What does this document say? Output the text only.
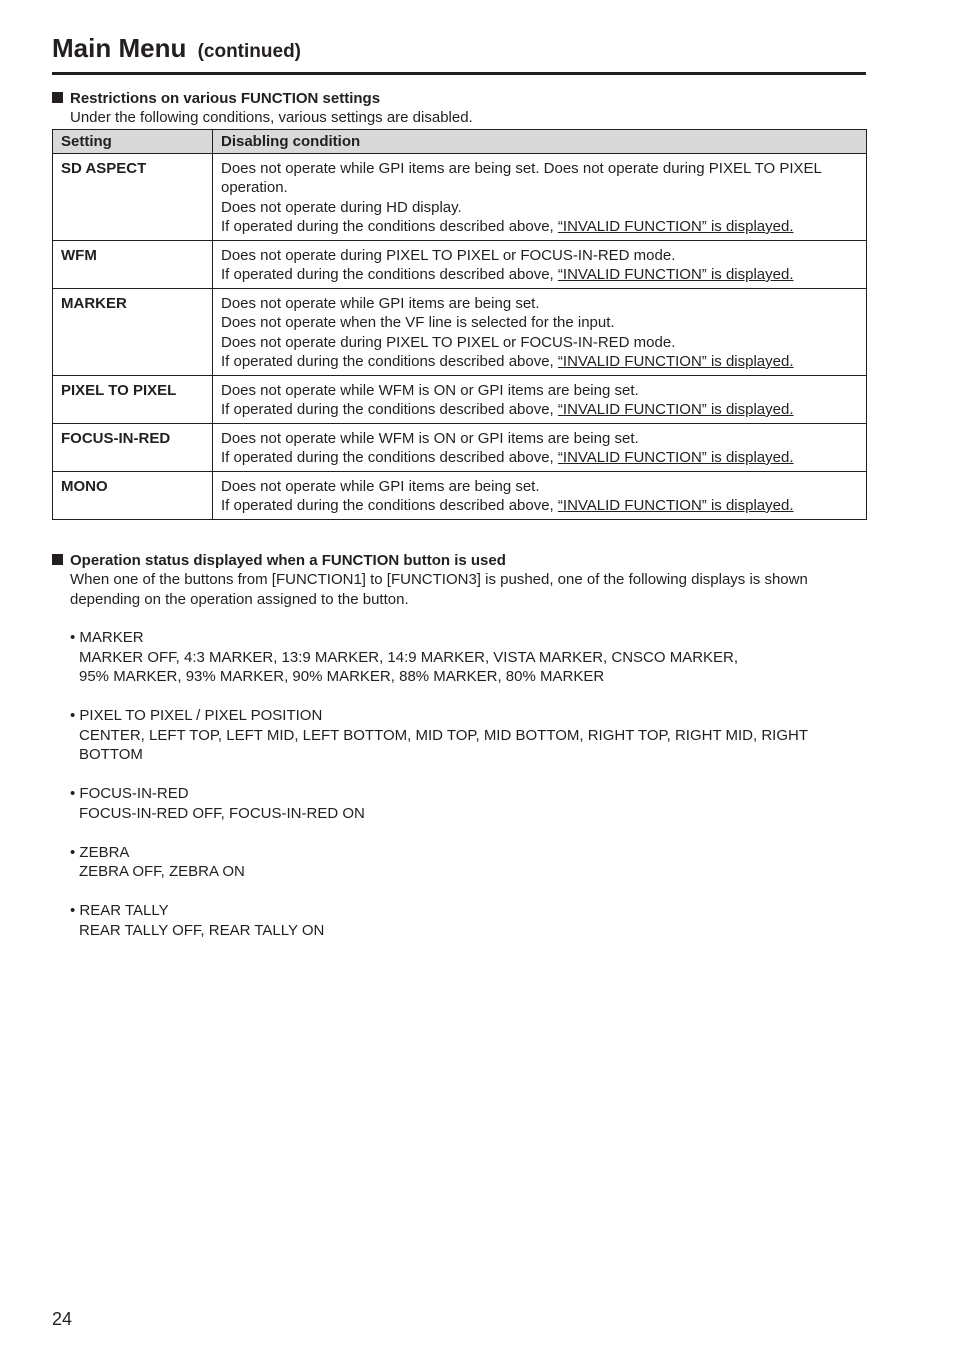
Main Menu (continued)
Restrictions on various FUNCTION settings
Under the following conditions, various settings are disabled.
Setting	Disabling condition
SD ASPECT	Does not operate while GPI items are being set. Does not operate during PIXEL TO PIXEL operation.
Does not operate during HD display.
If operated during the conditions described above, “INVALID FUNCTION” is displayed.

WFM	Does not operate during PIXEL TO PIXEL or FOCUS-IN-RED mode.
If operated during the conditions described above, “INVALID FUNCTION” is displayed.

MARKER	Does not operate while GPI items are being set.
Does not operate when the VF line is selected for the input.
Does not operate during PIXEL TO PIXEL or FOCUS-IN-RED mode.
If operated during the conditions described above, “INVALID FUNCTION” is displayed.

PIXEL TO PIXEL	Does not operate while WFM is ON or GPI items are being set.
If operated during the conditions described above, “INVALID FUNCTION” is displayed.

FOCUS-IN-RED	Does not operate while WFM is ON or GPI items are being set.
If operated during the conditions described above, “INVALID FUNCTION” is displayed.

MONO	Does not operate while GPI items are being set.
If operated during the conditions described above, “INVALID FUNCTION” is displayed.
Operation status displayed when a FUNCTION button is used
When one of the buttons from [FUNCTION1] to [FUNCTION3] is pushed, one of the following displays is shown depending on the operation assigned to the button.
• MARKER
MARKER OFF, 4:3 MARKER, 13:9 MARKER, 14:9 MARKER, VISTA MARKER, CNSCO MARKER,
95% MARKER, 93% MARKER, 90% MARKER, 88% MARKER, 80% MARKER
• PIXEL TO PIXEL / PIXEL POSITION
CENTER, LEFT TOP, LEFT MID, LEFT BOTTOM, MID TOP, MID BOTTOM, RIGHT TOP, RIGHT MID, RIGHT BOTTOM
• FOCUS-IN-RED
FOCUS-IN-RED OFF, FOCUS-IN-RED ON
• ZEBRA
ZEBRA OFF, ZEBRA ON
• REAR TALLY
REAR TALLY OFF, REAR TALLY ON
24
